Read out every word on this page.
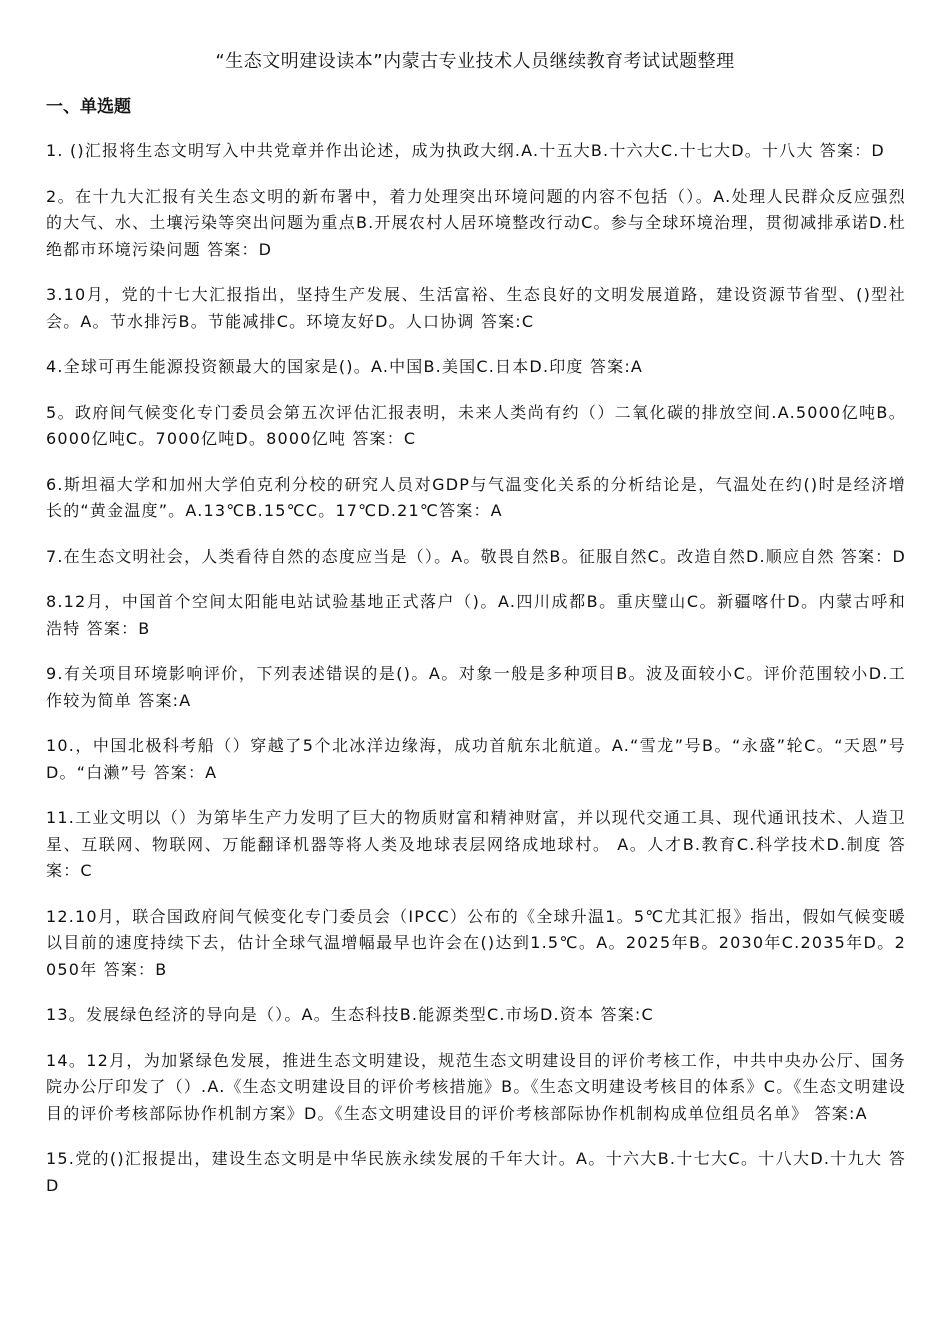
“生态文明建设读本”内蒙古专业技术人员继续教育考试试题整理
一、单选题

1. ()汇报将生态文明写入中共党章并作出论述，成为执政大纲.A.十五大B.十六大C.十七大D。十八大 答案：D

2。在十九大汇报有关生态文明的新布署中，着力处理突出环境问题的内容不包括（）。A.处理人民群众反应强烈的大气、水、土壤污染等突出问题为重点B.开展农村人居环境整改行动C。参与全球环境治理，贯彻减排承诺D.杜绝都市环境污染问题 答案：D

3.10月，党的十七大汇报指出，坚持生产发展、生活富裕、生态良好的文明发展道路，建设资源节省型、()型社会。A。节水排污B。节能减排C。环境友好D。人口协调 答案:C

4.全球可再生能源投资额最大的国家是()。A.中国B.美国C.日本D.印度 答案:A

5。政府间气候变化专门委员会第五次评估汇报表明，未来人类尚有约（）二氧化碳的排放空间.A.5000亿吨B。6000亿吨C。7000亿吨D。8000亿吨 答案：C

6.斯坦福大学和加州大学伯克利分校的研究人员对GDP与气温变化关系的分析结论是，气温处在约()时是经济增长的“黄金温度”。A.13℃B.15℃C。17℃D.21℃答案：A

7.在生态文明社会，人类看待自然的态度应当是（）。A。敬畏自然B。征服自然C。改造自然D.顺应自然 答案：D

8.12月，中国首个空间太阳能电站试验基地正式落户（)。A.四川成都B。重庆璧山C。新疆喀什D。内蒙古呼和浩特 答案：B

9.有关项目环境影响评价，下列表述错误的是()。A。对象一般是多种项目B。波及面较小C。评价范围较小D.工作较为简单 答案:A

10.，中国北极科考船（）穿越了5个北冰洋边缘海，成功首航东北航道。A.“雪龙”号B。“永盛”轮C。“天恩”号D。“白濑”号 答案：A

11.工业文明以（）为第毕生产力发明了巨大的物质财富和精神财富，并以现代交通工具、现代通讯技术、人造卫星、互联网、物联网、万能翻译机器等将人类及地球表层网络成地球村。 A。人才B.教育C.科学技术D.制度 答案：C

12.10月，联合国政府间气候变化专门委员会（IPCC）公布的《全球升温1。5℃尤其汇报》指出，假如气候变暖以目前的速度持续下去，估计全球气温增幅最早也许会在()达到1.5℃。A。2025年B。2030年C.2035年D。2050年 答案：B

13。发展绿色经济的导向是（）。A。生态科技B.能源类型C.市场D.资本 答案:C

14。12月，为加紧绿色发展，推进生态文明建设，规范生态文明建设目的评价考核工作，中共中央办公厅、国务院办公厅印发了（）.A.《生态文明建设目的评价考核措施》B。《生态文明建设考核目的体系》C。《生态文明建设目的评价考核部际协作机制方案》D。《生态文明建设目的评价考核部际协作机制构成单位组员名单》 答案:A

15.党的()汇报提出，建设生态文明是中华民族永续发展的千年大计。A。十六大B.十七大C。十八大D.十九大 答D
